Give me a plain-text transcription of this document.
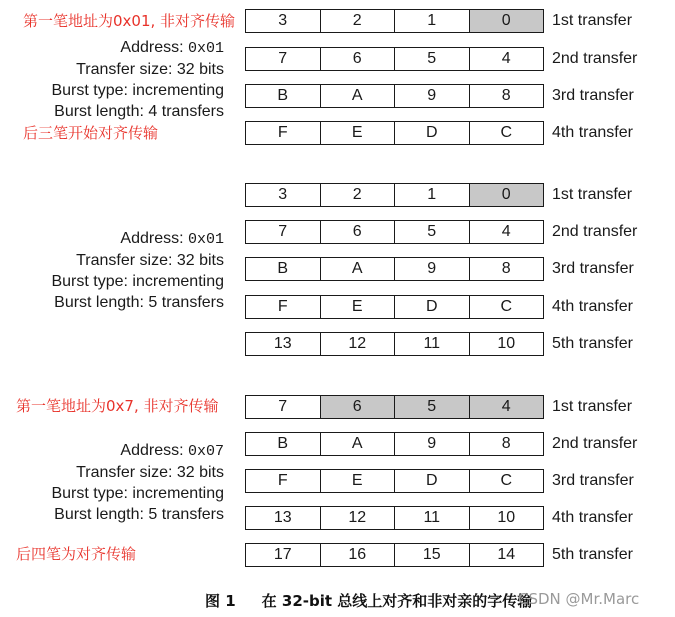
第一笔地址为0x01, 非对齐传输
后三笔开始对齐传输
第一笔地址为0x7, 非对齐传输
后四笔为对齐传输
Address: 0x01
Transfer size: 32 bits
Burst type: incrementing
Burst length: 4 transfers
3	2	1	0	1st transfer
7	6	5	4	2nd transfer
B	A	9	8	3rd transfer
F	E	D	C	4th transfer
Address: 0x01
Transfer size: 32 bits
Burst type: incrementing
Burst length: 5 transfers
3	2	1	0	1st transfer
7	6	5	4	2nd transfer
B	A	9	8	3rd transfer
F	E	D	C	4th transfer
13	12	11	10	5th transfer
Address: 0x07
Transfer size: 32 bits
Burst type: incrementing
Burst length: 5 transfers
7	6	5	4	1st transfer
B	A	9	8	2nd transfer
F	E	D	C	3rd transfer
13	12	11	10	4th transfer
17	16	15	14	5th transfer
图 1 在 32-bit 总线上对齐和非对亲的字传输
CSDN @Mr.Marc
